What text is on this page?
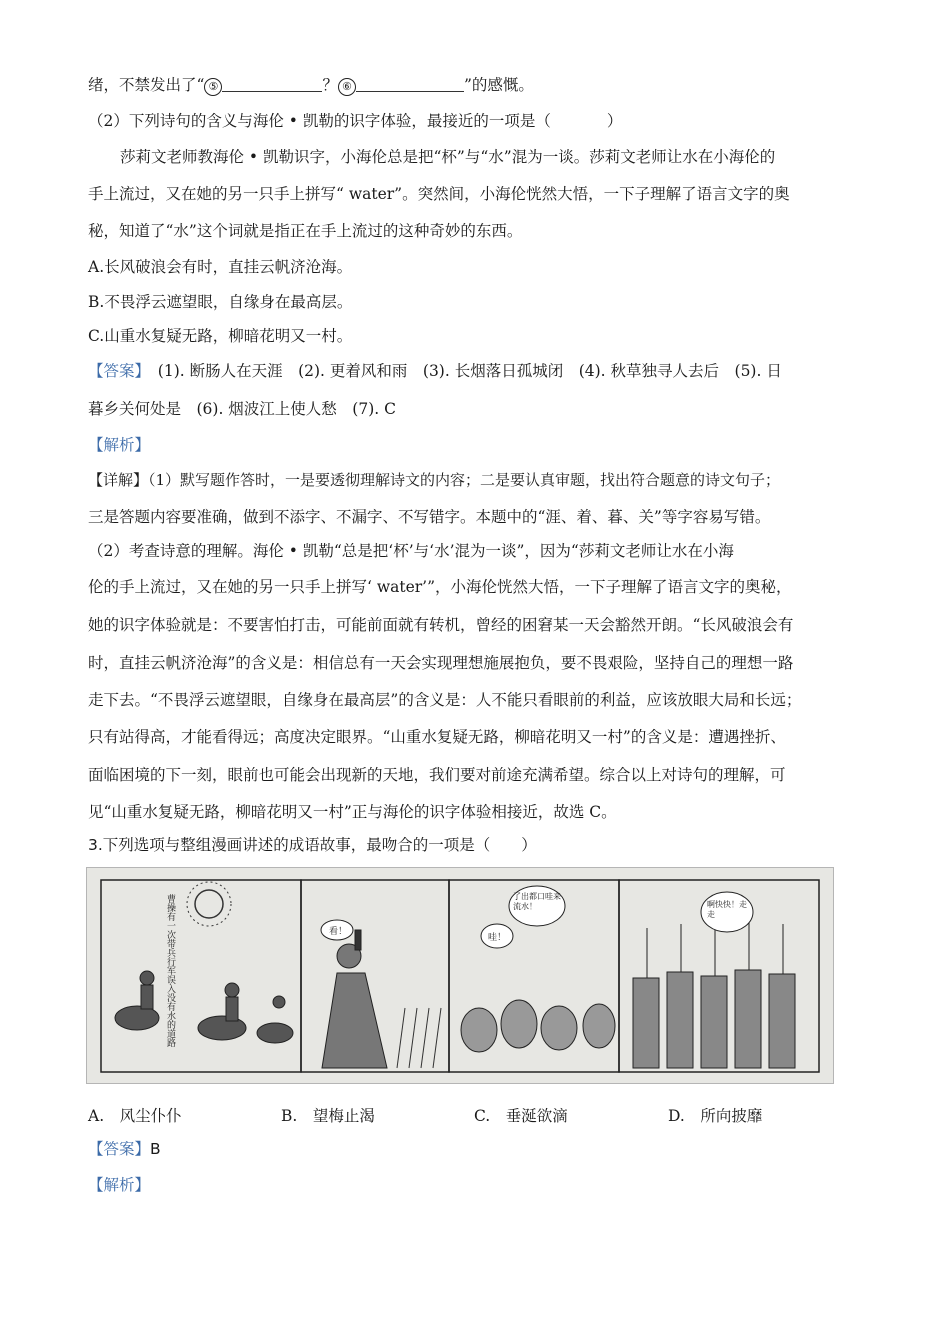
绪，不禁发出了“ ⑤	？ ⑥	”的感慨。
（2）下列诗句的含义与海伦 • 凯勒的识字体验，最接近的一项是（	）
莎莉文老师教海伦 • 凯勒识字，小海伦总是把“杯”与“水”混为一谈。莎莉文老师让水在小海伦的
手上流过，又在她的另一只手上拼写“ water”。突然间，小海伦恍然大悟，一下子理解了语言文字的奥
秘，知道了“水”这个词就是指正在手上流过的这种奇妙的东西。
A.长风破浪会有时，直挂云帆济沧海。
B.不畏浮云遮望眼，自缘身在最高层。
C.山重水复疑无路，柳暗花明又一村。
【答案】　 (1). 断肠人在天涯　(2). 更着风和雨　(3). 长烟落日孤城闭　(4). 秋草独寻人去后　(5). 日
暮乡关何处是　(6). 烟波江上使人愁　(7). C
【解析】
【详解】（1）默写题作答时，一是要透彻理解诗文的内容；二是要认真审题，找出符合题意的诗文句子；
三是答题内容要准确，做到不添字、不漏字、不写错字。本题中的“涯、着、暮、关”等字容易写错。
（2）考查诗意的理解。海伦 • 凯勒“总是把‘杯’与‘水’混为一谈”，因为“莎莉文老师让水在小海
伦的手上流过，又在她的另一只手上拼写‘ water’”，小海伦恍然大悟，一下子理解了语言文字的奥秘，
她的识字体验就是：不要害怕打击，可能前面就有转机，曾经的困窘某一天会豁然开朗。“长风破浪会有
时，直挂云帆济沧海”的含义是：相信总有一天会实现理想施展抱负，要不畏艰险，坚持自己的理想一路
走下去。“不畏浮云遮望眼，自缘身在最高层”的含义是：人不能只看眼前的利益，应该放眼大局和长远；
只有站得高，才能看得远；高度决定眼界。“山重水复疑无路，柳暗花明又一村”的含义是：遭遇挫折、
面临困境的下一刻，眼前也可能会出现新的天地，我们要对前途充满希望。综合以上对诗句的理解，可
见“山重水复疑无路，柳暗花明又一村”正与海伦的识字体验相接近，故选 C。
3.下列选项与整组漫画讲述的成语故事，最吻合的一项是（　　）
曹操有一次带兵行军误入没有水的道路	看！
哇！
了出都口哇来流水！	啊快快！走走
A.　 风尘仆仆	B.　 望梅止渴	C.　 垂涎欲滴	D.　 所向披靡
【答案】B
【解析】
